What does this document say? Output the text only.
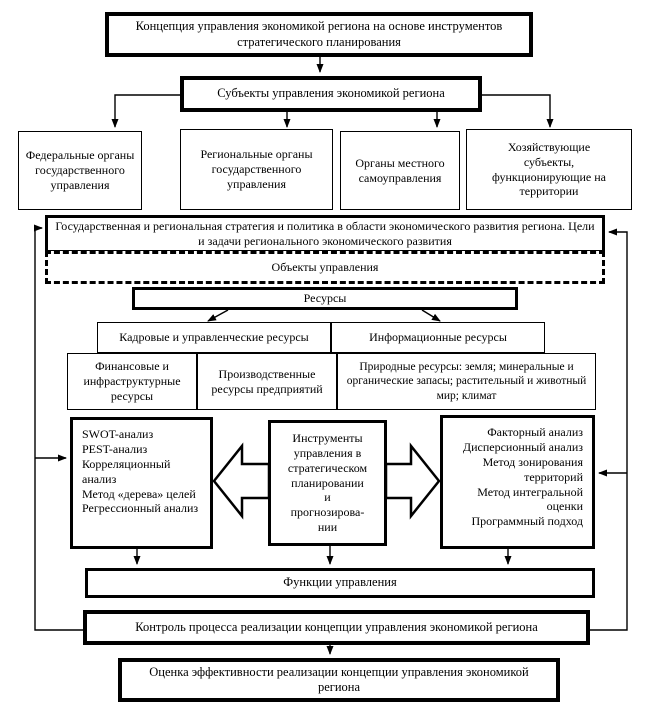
Концепция управления экономикой региона на основе инструментов стратегического планирования
Субъекты управления экономикой региона
Федеральные органы государственного управления
Региональные органы государственного управления
Органы местного самоуправления
Хозяйствующие субъекты, функционирующие на территории
Государственная и региональная стратегия и политика в области экономического развития региона. Цели и задачи регионального экономического развития
Объекты управления
Ресурсы
Кадровые и управленческие ресурсы	Информационные ресурсы
Финансовые и инфраструктурные ресурсы
Производственные ресурсы предприятий
Природные ресурсы: земля; минеральные и органические запасы; растительный и животный мир; климат
SWOT-анализ
PEST-анализ
Корреляционный анализ
Метод «дерева» целей
Регрессионный анализ
Инструменты
управления в
стратегическом
планировании
и
прогнозирова-
нии
Факторный анализ
Дисперсионный анализ
Метод зонирования территорий
Метод интегральной оценки
Программный подход
Функции управления
Контроль процесса реализации концепции управления экономикой региона
Оценка эффективности реализации концепции управления экономикой региона
